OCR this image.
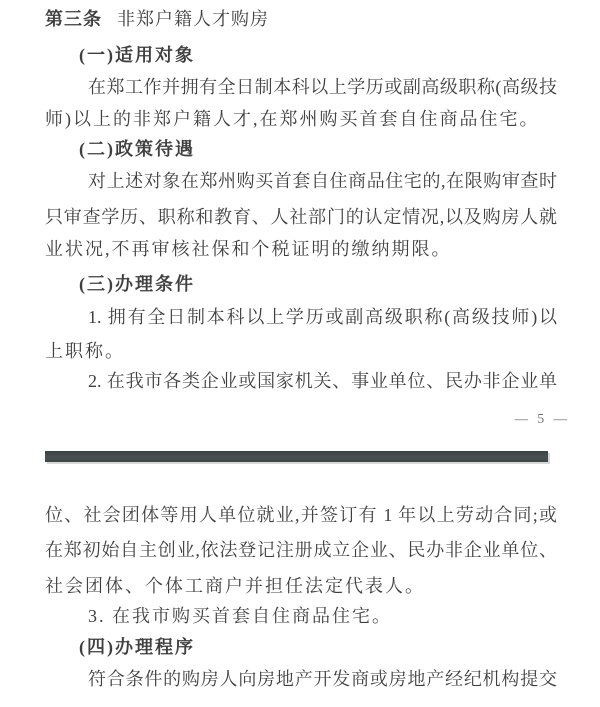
第三条 非郑户籍人才购房
(一)适用对象
在郑工作并拥有全日制本科以上学历或副高级职称(高级技
师)以上的非郑户籍人才,在郑州购买首套自住商品住宅。
(二)政策待遇
对上述对象在郑州购买首套自住商品住宅的,在限购审查时
只审查学历、职称和教育、人社部门的认定情况,以及购房人就
业状况,不再审核社保和个税证明的缴纳期限。
(三)办理条件
1. 拥有全日制本科以上学历或副高级职称(高级技师)以
上职称。
2. 在我市各类企业或国家机关、事业单位、民办非企业单
— 5 —
位、社会团体等用人单位就业,并签订有 1 年以上劳动合同;或
在郑初始自主创业,依法登记注册成立企业、民办非企业单位、
社会团体、个体工商户并担任法定代表人。
3. 在我市购买首套自住商品住宅。
(四)办理程序
符合条件的购房人向房地产开发商或房地产经纪机构提交
